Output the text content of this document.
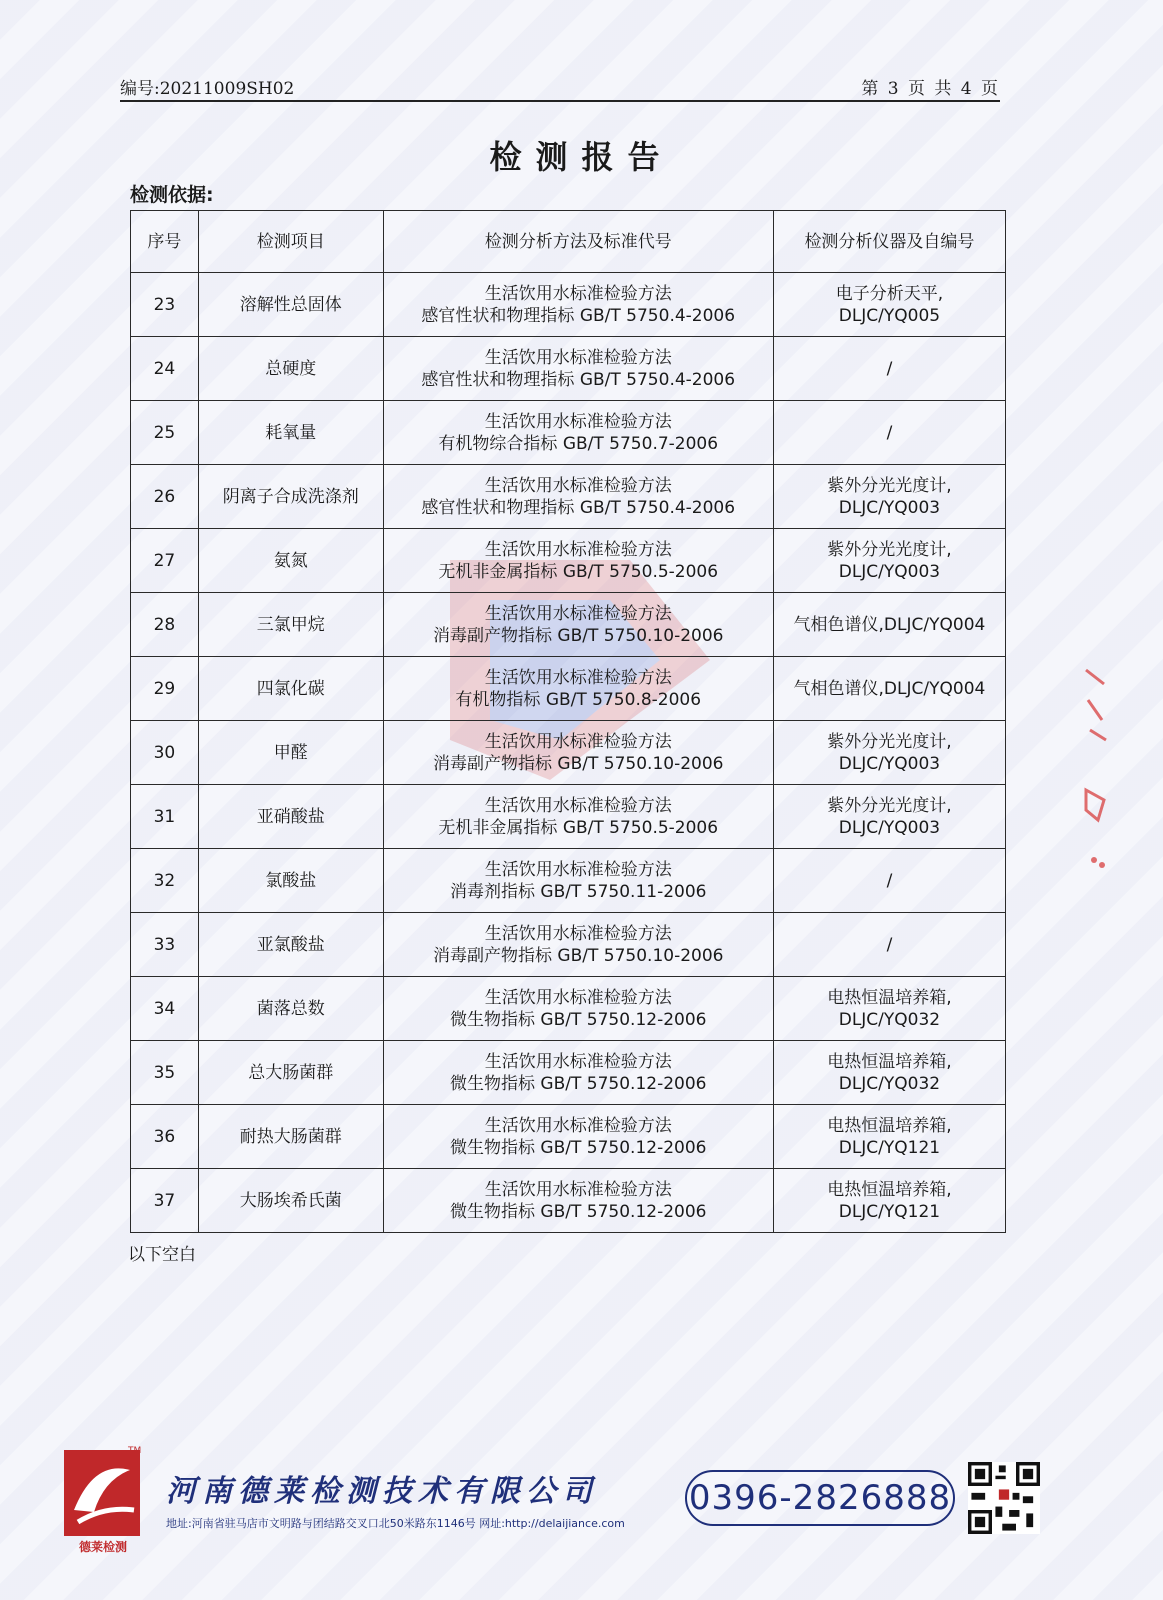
编号:20211009SH02	第 3 页 共 4 页
检测报告
检测依据:
序号	检测项目	检测分析方法及标准代号	检测分析仪器及自编号
23	溶解性总固体	生活饮用水标准检验方法
感官性状和物理指标 GB/T 5750.4-2006	电子分析天平,
DLJC/YQ005

24	总硬度	生活饮用水标准检验方法
感官性状和物理指标 GB/T 5750.4-2006	/

25	耗氧量	生活饮用水标准检验方法
有机物综合指标 GB/T 5750.7-2006	/

26	阴离子合成洗涤剂	生活饮用水标准检验方法
感官性状和物理指标 GB/T 5750.4-2006	紫外分光光度计,
DLJC/YQ003

27	氨氮	生活饮用水标准检验方法
无机非金属指标 GB/T 5750.5-2006	紫外分光光度计,
DLJC/YQ003

28	三氯甲烷	生活饮用水标准检验方法
消毒副产物指标 GB/T 5750.10-2006	气相色谱仪,DLJC/YQ004

29	四氯化碳	生活饮用水标准检验方法
有机物指标 GB/T 5750.8-2006	气相色谱仪,DLJC/YQ004

30	甲醛	生活饮用水标准检验方法
消毒副产物指标 GB/T 5750.10-2006	紫外分光光度计,
DLJC/YQ003

31	亚硝酸盐	生活饮用水标准检验方法
无机非金属指标 GB/T 5750.5-2006	紫外分光光度计,
DLJC/YQ003

32	氯酸盐	生活饮用水标准检验方法
消毒剂指标 GB/T 5750.11-2006	/

33	亚氯酸盐	生活饮用水标准检验方法
消毒副产物指标 GB/T 5750.10-2006	/

34	菌落总数	生活饮用水标准检验方法
微生物指标 GB/T 5750.12-2006	电热恒温培养箱,
DLJC/YQ032

35	总大肠菌群	生活饮用水标准检验方法
微生物指标 GB/T 5750.12-2006	电热恒温培养箱,
DLJC/YQ032

36	耐热大肠菌群	生活饮用水标准检验方法
微生物指标 GB/T 5750.12-2006	电热恒温培养箱,
DLJC/YQ121

37	大肠埃希氏菌	生活饮用水标准检验方法
微生物指标 GB/T 5750.12-2006	电热恒温培养箱,
DLJC/YQ121
以下空白
TM
德莱检测
河南德莱检测技术有限公司
地址:河南省驻马店市文明路与团结路交叉口北50米路东1146号 网址:http://delaijiance.com
0396-2826888
